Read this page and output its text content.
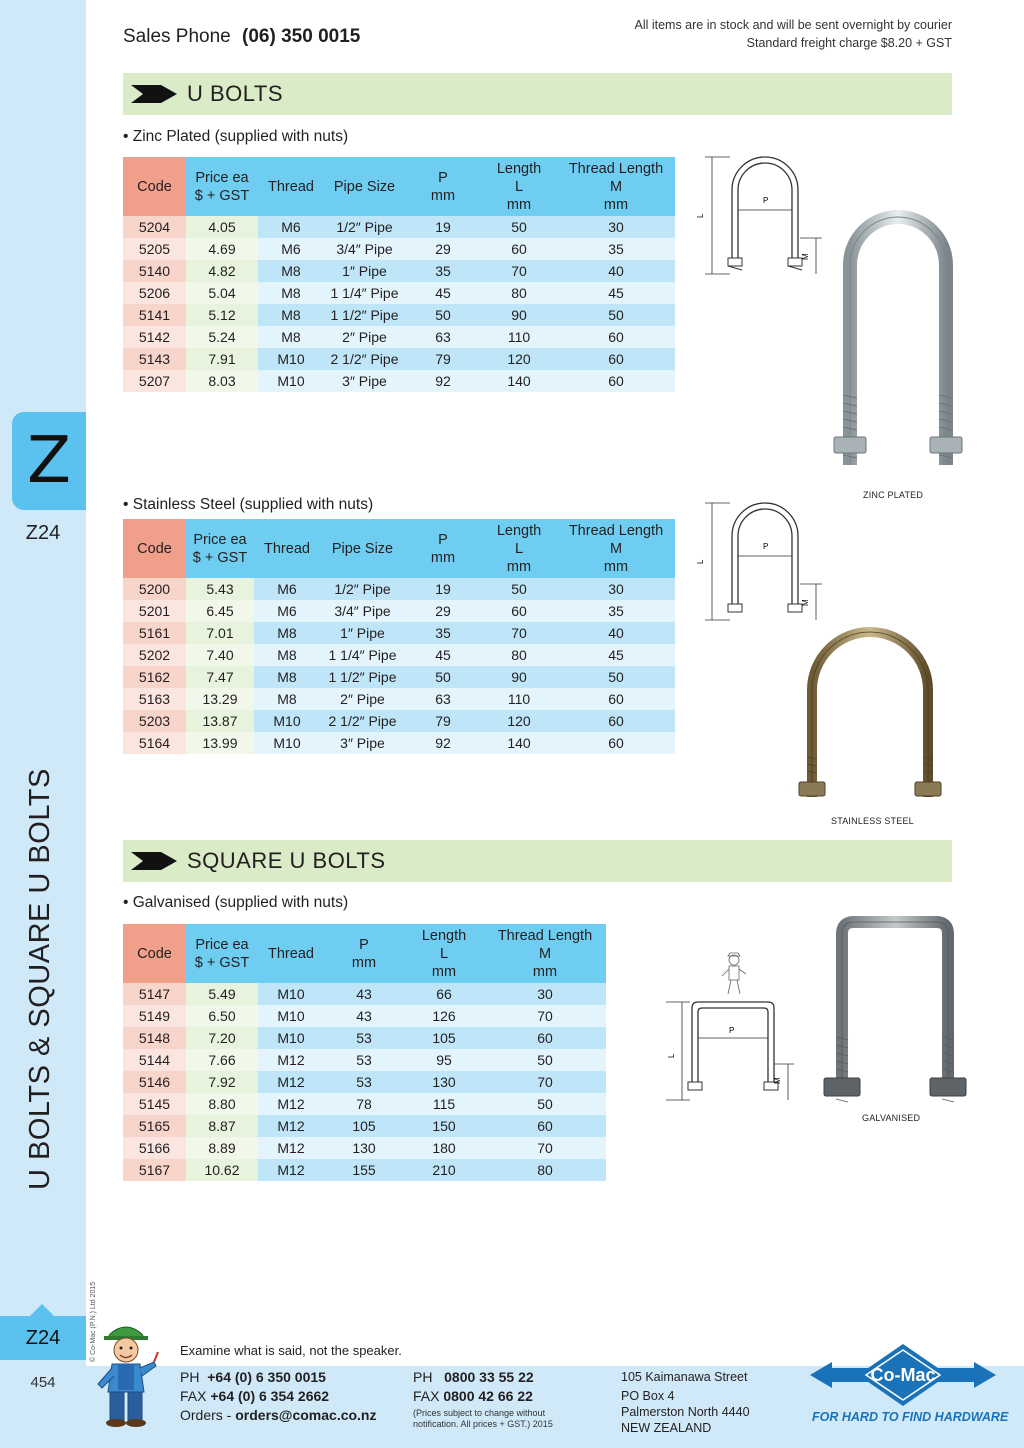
Z
Z24
U BOLTS & SQUARE U BOLTS
© Co-Mac (P.N.) Ltd 2015
Z24
454
Sales Phone (06) 350 0015
All items are in stock and will be sent overnight by courier
Standard freight charge $8.20 + GST
U BOLTS
• Zinc Plated (supplied with nuts)
Code	Price ea
$ + GST	Thread	Pipe Size	P
mm	Length
L
mm	Thread Length
M
mm
5204	4.05	M6	1/2″ Pipe	19	50	30
5205	4.69	M6	3/4″ Pipe	29	60	35
5140	4.82	M8	1″ Pipe	35	70	40
5206	5.04	M8	1 1/4″ Pipe	45	80	45
5141	5.12	M8	1 1/2″ Pipe	50	90	50
5142	5.24	M8	2″ Pipe	63	110	60
5143	7.91	M10	2 1/2″ Pipe	79	120	60
5207	8.03	M10	3″ Pipe	92	140	60
• Stainless Steel (supplied with nuts)
Code	Price ea
$ + GST	Thread	Pipe Size	P
mm	Length
L
mm	Thread Length
M
mm
5200	5.43	M6	1/2″ Pipe	19	50	30
5201	6.45	M6	3/4″ Pipe	29	60	35
5161	7.01	M8	1″ Pipe	35	70	40
5202	7.40	M8	1 1/4″ Pipe	45	80	45
5162	7.47	M8	1 1/2″ Pipe	50	90	50
5163	13.29	M8	2″ Pipe	63	110	60
5203	13.87	M10	2 1/2″ Pipe	79	120	60
5164	13.99	M10	3″ Pipe	92	140	60
SQUARE U BOLTS
• Galvanised (supplied with nuts)
Code	Price ea
$ + GST	Thread	P
mm	Length
L
mm	Thread Length
M
mm
5147	5.49	M10	43	66	30
5149	6.50	M10	43	126	70
5148	7.20	M10	53	105	60
5144	7.66	M12	53	95	50
5146	7.92	M12	53	130	70
5145	8.80	M12	78	115	50
5165	8.87	M12	105	150	60
5166	8.89	M12	130	180	70
5167	10.62	M12	155	210	80
P
L
M
ZINC PLATED
P
L
M
STAINLESS STEEL
P
L
M
GALVANISED
Examine what is said, not the speaker.
PH +64 (0) 6 350 0015
FAX +64 (0) 6 354 2662
Orders - orders@comac.co.nz
PH 0800 33 55 22
FAX 0800 42 66 22
(Prices subject to change without
notification. All prices + GST.) 2015
105 Kaimanawa Street
PO Box 4
Palmerston North 4440
NEW ZEALAND
Co-Mac
FOR HARD TO FIND HARDWARE
